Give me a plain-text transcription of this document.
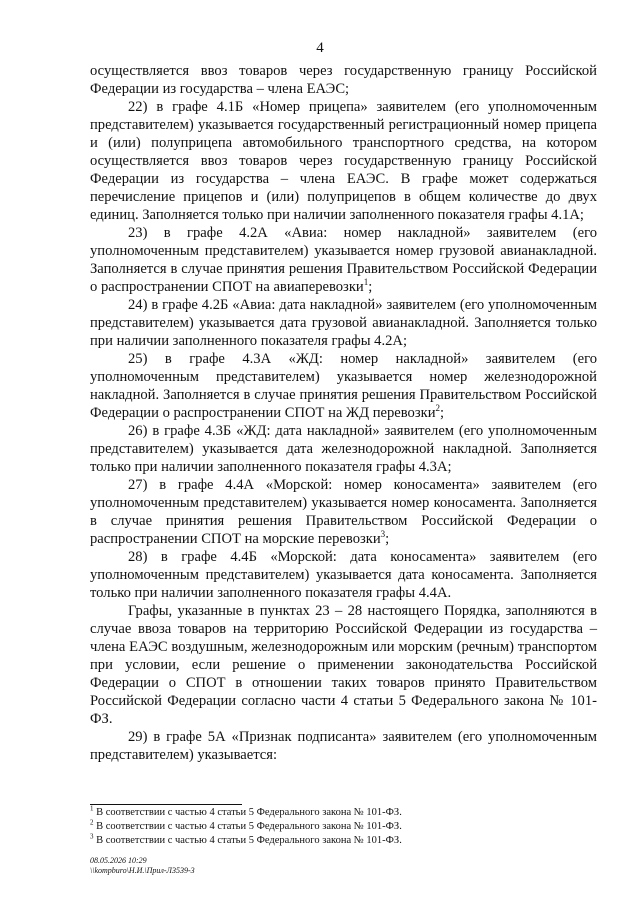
4

осуществляется ввоз товаров через государственную границу Российской Федерации из государства – члена ЕАЭС;

22) в графе 4.1Б «Номер прицепа» заявителем (его уполномоченным представителем) указывается государственный регистрационный номер прицепа и (или) полуприцепа автомобильного транспортного средства, на котором осуществляется ввоз товаров через государственную границу Российской Федерации из государства – члена ЕАЭС. В графе может содержаться перечисление прицепов и (или) полуприцепов в общем количестве до двух единиц. Заполняется только при наличии заполненного показателя графы 4.1А;

23) в графе 4.2А «Авиа: номер накладной» заявителем (его уполномоченным представителем) указывается номер грузовой авианакладной. Заполняется в случае принятия решения Правительством Российской Федерации о распространении СПОТ на авиаперевозки$^1$;

24) в графе 4.2Б «Авиа: дата накладной» заявителем (его уполномоченным представителем) указывается дата грузовой авианакладной. Заполняется только при наличии заполненного показателя графы 4.2А;

25) в графе 4.3А «ЖД: номер накладной» заявителем (его уполномоченным представителем) указывается номер железнодорожной накладной. Заполняется в случае принятия решения Правительством Российской Федерации о распространении СПОТ на ЖД перевозки$^2$;

26) в графе 4.3Б «ЖД: дата накладной» заявителем (его уполномоченным представителем) указывается дата железнодорожной накладной. Заполняется только при наличии заполненного показателя графы 4.3А;

27) в графе 4.4А «Морской: номер коносамента» заявителем (его уполномоченным представителем) указывается номер коносамента. Заполняется в случае принятия решения Правительством Российской Федерации о распространении СПОТ на морские перевозки$^3$;

28) в графе 4.4Б «Морской: дата коносамента» заявителем (его уполномоченным представителем) указывается дата коносамента. Заполняется только при наличии заполненного показателя графы 4.4А.

Графы, указанные в пунктах 23 – 28 настоящего Порядка, заполняются в случае ввоза товаров на территорию Российской Федерации из государства – члена ЕАЭС воздушным, железнодорожным или морским (речным) транспортом при условии, если решение о применении законодательства Российской Федерации о СПОТ в отношении таких товаров принято Правительством Российской Федерации согласно части 4 статьи 5 Федерального закона № 101-ФЗ.

29) в графе 5А «Признак подписанта» заявителем (его уполномоченным представителем) указывается:

$^1$ В соответствии с частью 4 статьи 5 Федерального закона № 101-ФЗ.
$^2$ В соответствии с частью 4 статьи 5 Федерального закона № 101-ФЗ.
$^3$ В соответствии с частью 4 статьи 5 Федерального закона № 101-ФЗ.
08.05.2026 10:29
\\kompburo\Н.И.\Прил-Л3539-3
